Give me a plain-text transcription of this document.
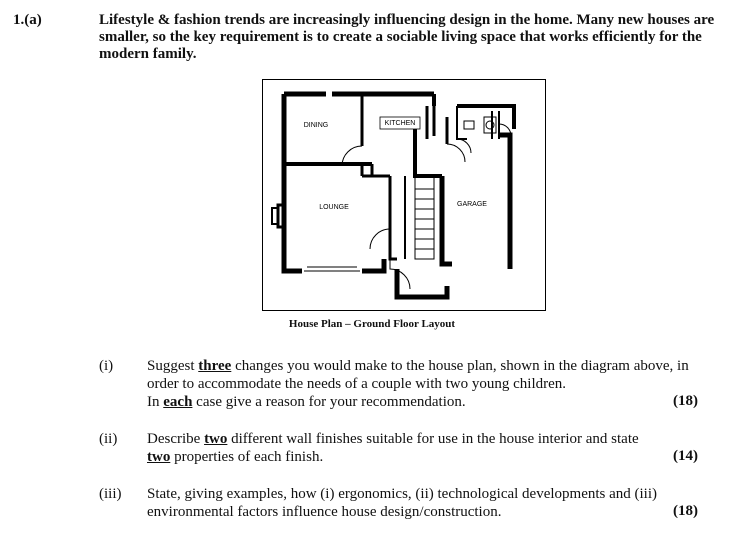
1.(a)	Lifestyle & fashion trends are increasingly influencing design in the home. Many new houses are smaller, so the key requirement is to create a sociable living space that works efficiently for the modern family.
DINING	KITCHEN
LOUNGE	GARAGE
House Plan – Ground Floor Layout
(i) Suggest three changes you would make to the house plan, shown in the diagram above, in order to accommodate the needs of a couple with two young children.
In each case give a reason for your recommendation.	(18)
(ii) Describe two different wall finishes suitable for use in the house interior and state
two properties of each finish.	(14)
(iii) State, giving examples, how (i) ergonomics, (ii) technological developments and (iii) environmental factors influence house design/construction.	(18)
